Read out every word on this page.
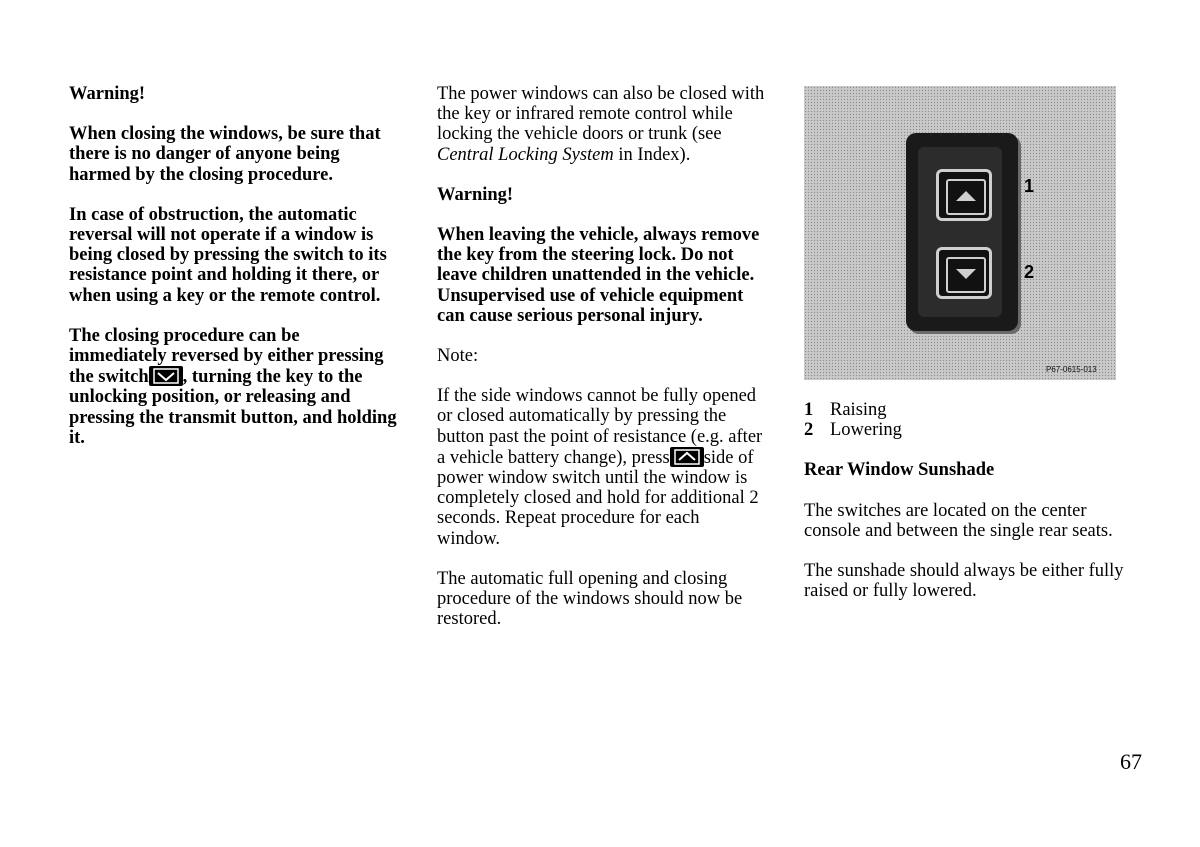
Warning!

When closing the windows, be sure that there is no danger of anyone being harmed by the closing procedure.

In case of obstruction, the automatic reversal will not operate if a window is being closed by pressing the switch to its resistance point and holding it there, or when using a key or the remote control.

The closing procedure can be immediately reversed by either pressing the switch , turning the key to the unlocking position, or releasing and pressing the transmit button, and holding it.

The power windows can also be closed with the key or infrared remote control while locking the vehicle doors or trunk (see Central Locking System in Index).

Warning!

When leaving the vehicle, always remove the key from the steering lock. Do not leave children unattended in the vehicle. Unsupervised use of vehicle equipment can cause serious personal injury.

Note:

If the side windows cannot be fully opened or closed automatically by pressing the button past the point of resistance (e.g. after a vehicle battery change), press side of power window switch until the window is completely closed and hold for additional 2 seconds. Repeat procedure for each window.

The automatic full opening and closing procedure of the windows should now be restored.

1
2
P67-0615-013
1 Raising
2 Lowering

Rear Window Sunshade

The switches are located on the center console and between the single rear seats.

The sunshade should always be either fully raised or fully lowered.

67
